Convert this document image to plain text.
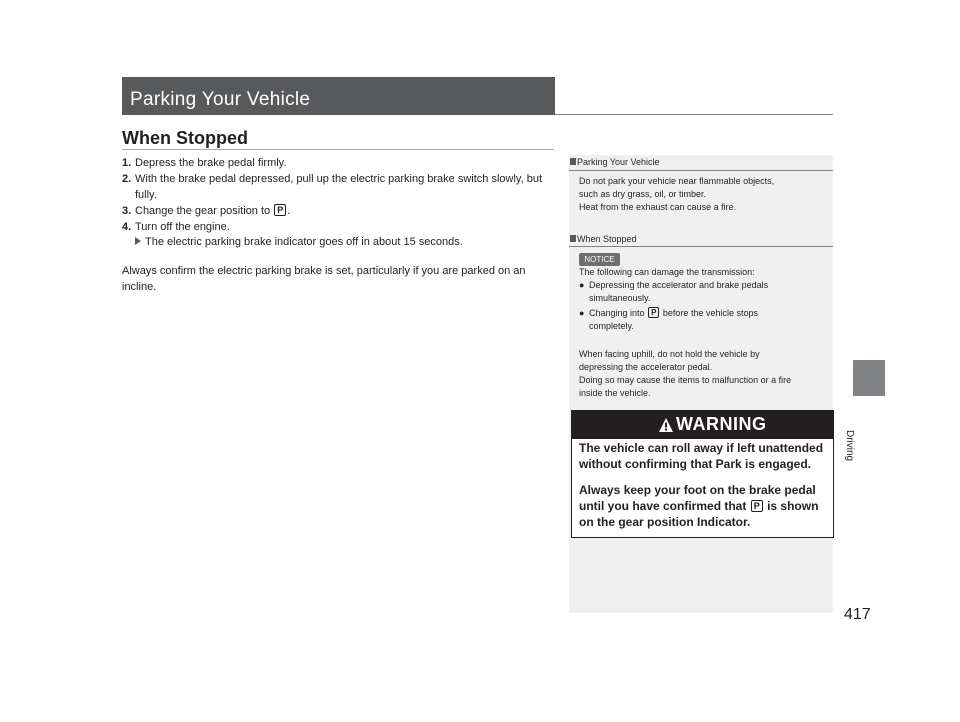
Parking Your Vehicle
Driving
417
When Stopped
1. Depress the brake pedal firmly.
2. With the brake pedal depressed, pull up the electric parking brake switch slowly, but fully.
3. Change the gear position to P .
4. Turn off the engine.
The electric parking brake indicator goes off in about 15 seconds.
Always confirm the electric parking brake is set, particularly if you are parked on an incline.
Parking Your Vehicle
Do not park your vehicle near flammable objects,
such as dry grass, oil, or timber.
Heat from the exhaust can cause a fire.
When Stopped
NOTICE
The following can damage the transmission:
● Depressing the accelerator and brake pedals
simultaneously.
● Changing into P before the vehicle stops
completely.
When facing uphill, do not hold the vehicle by
depressing the accelerator pedal.
Doing so may cause the items to malfunction or a fire
inside the vehicle.
WARNING
The vehicle can roll away if left unattended
without confirming that Park is engaged.
Always keep your foot on the brake pedal
until you have confirmed that P is shown
on the gear position Indicator.
